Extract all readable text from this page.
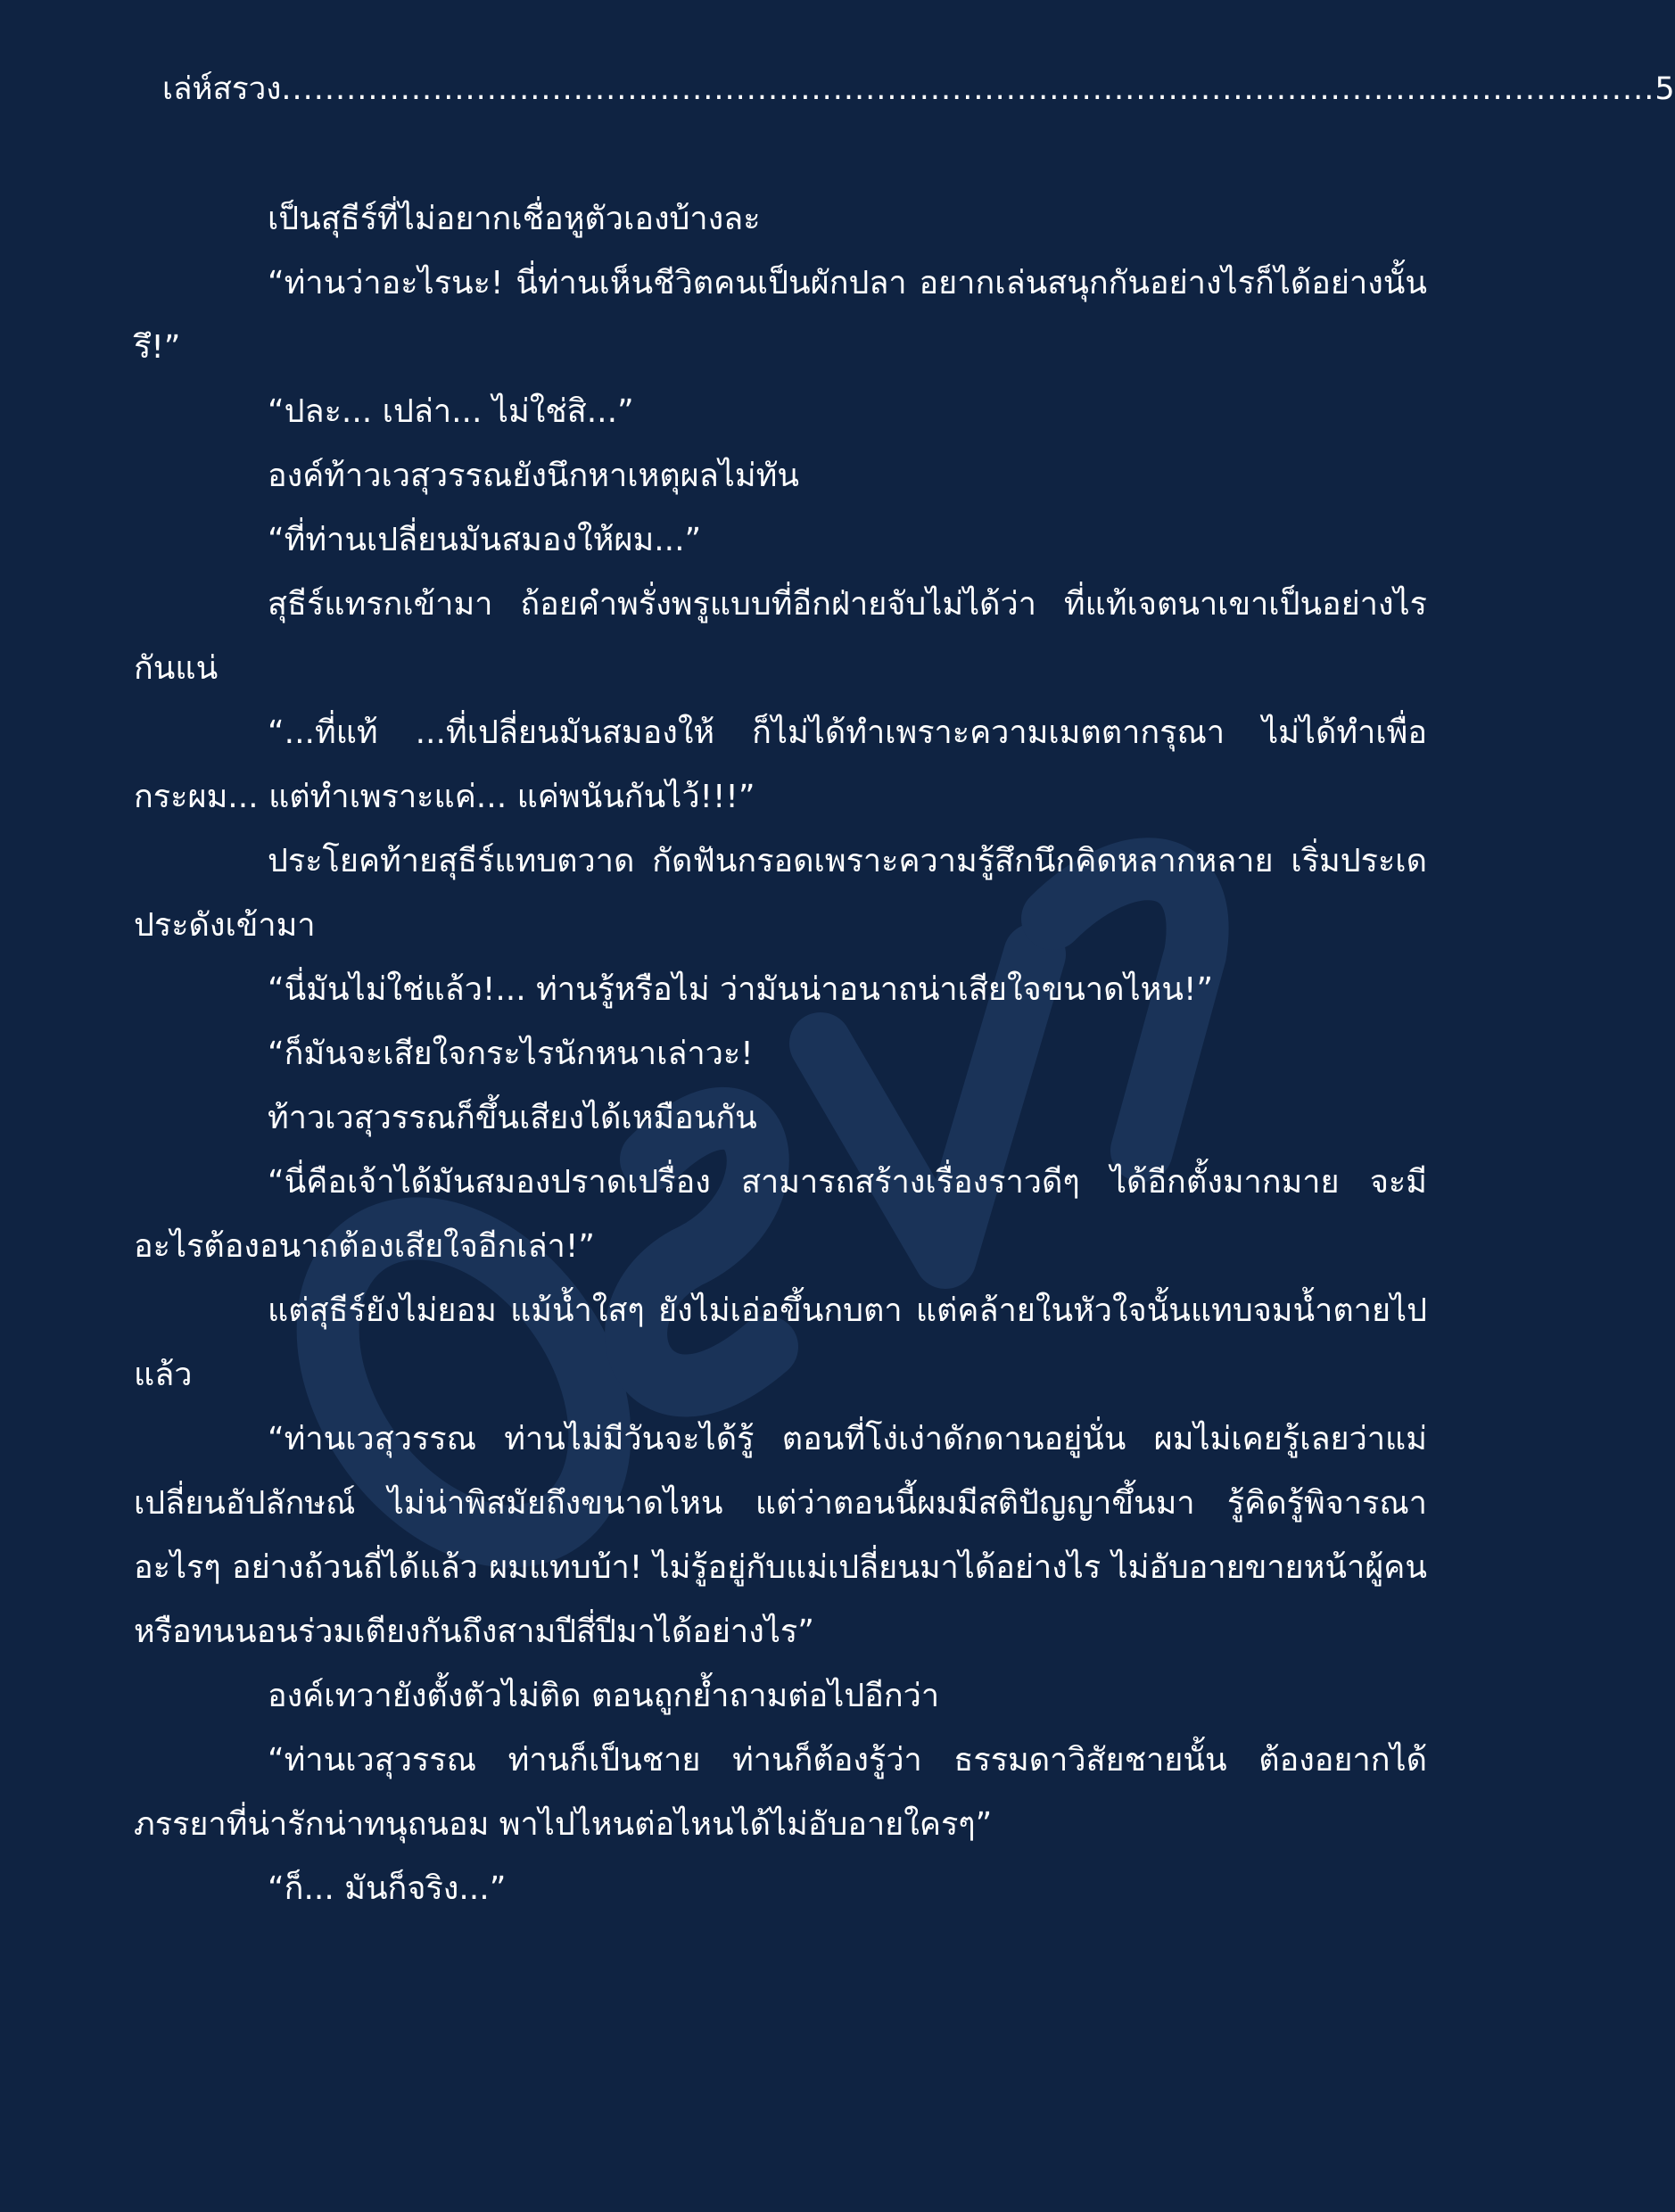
เล่ห์สรวง ............................................................................................................................... 5

เป็นสุธีร์ที่ไม่อยากเชื่อหูตัวเองบ้างละ

“ท่านว่าอะไรนะ! นี่ท่านเห็นชีวิตคนเป็นผักปลา อยากเล่นสนุกกันอย่างไรก็ได้อย่างนั้นรึ!”

“ปละ... เปล่า... ไม่ใช่สิ...”

องค์ท้าวเวสุวรรณยังนึกหาเหตุผลไม่ทัน

“ที่ท่านเปลี่ยนมันสมองให้ผม...”

สุธีร์แทรกเข้ามา ถ้อยคำพรั่งพรูแบบที่อีกฝ่ายจับไม่ได้ว่า ที่แท้เจตนาเขาเป็นอย่างไรกันแน่

“...ที่แท้ ...ที่เปลี่ยนมันสมองให้ ก็ไม่ได้ทำเพราะความเมตตากรุณา ไม่ได้ทำเพื่อกระผม... แต่ทำเพราะแค่... แค่พนันกันไว้!!!”

ประโยคท้ายสุธีร์แทบตวาด กัดฟันกรอดเพราะความรู้สึกนึกคิดหลากหลาย เริ่มประเดประดังเข้ามา

“นี่มันไม่ใช่แล้ว!... ท่านรู้หรือไม่ ว่ามันน่าอนาถน่าเสียใจขนาดไหน!”

“ก็มันจะเสียใจกระไรนักหนาเล่าวะ!

ท้าวเวสุวรรณก็ขึ้นเสียงได้เหมือนกัน

“นี่คือเจ้าได้มันสมองปราดเปรื่อง สามารถสร้างเรื่องราวดีๆ ได้อีกตั้งมากมาย จะมีอะไรต้องอนาถต้องเสียใจอีกเล่า!”

แต่สุธีร์ยังไม่ยอม แม้น้ำใสๆ ยังไม่เอ่อขึ้นกบตา แต่คล้ายในหัวใจนั้นแทบจมน้ำตายไปแล้ว

“ท่านเวสุวรรณ ท่านไม่มีวันจะได้รู้ ตอนที่โง่เง่าดักดานอยู่นั่น ผมไม่เคยรู้เลยว่าแม่เปลี่ยนอัปลักษณ์ ไม่น่าพิสมัยถึงขนาดไหน แต่ว่าตอนนี้ผมมีสติปัญญาขึ้นมา รู้คิดรู้พิจารณาอะไรๆ อย่างถ้วนถี่ได้แล้ว ผมแทบบ้า! ไม่รู้อยู่กับแม่เปลี่ยนมาได้อย่างไร ไม่อับอายขายหน้าผู้คน หรือทนนอนร่วมเตียงกันถึงสามปีสี่ปีมาได้อย่างไร”

องค์เทวายังตั้งตัวไม่ติด ตอนถูกย้ำถามต่อไปอีกว่า

“ท่านเวสุวรรณ ท่านก็เป็นชาย ท่านก็ต้องรู้ว่า ธรรมดาวิสัยชายนั้น ต้องอยากได้ภรรยาที่น่ารักน่าทนุถนอม พาไปไหนต่อไหนได้ไม่อับอายใครๆ”

“ก็... มันก็จริง...”
